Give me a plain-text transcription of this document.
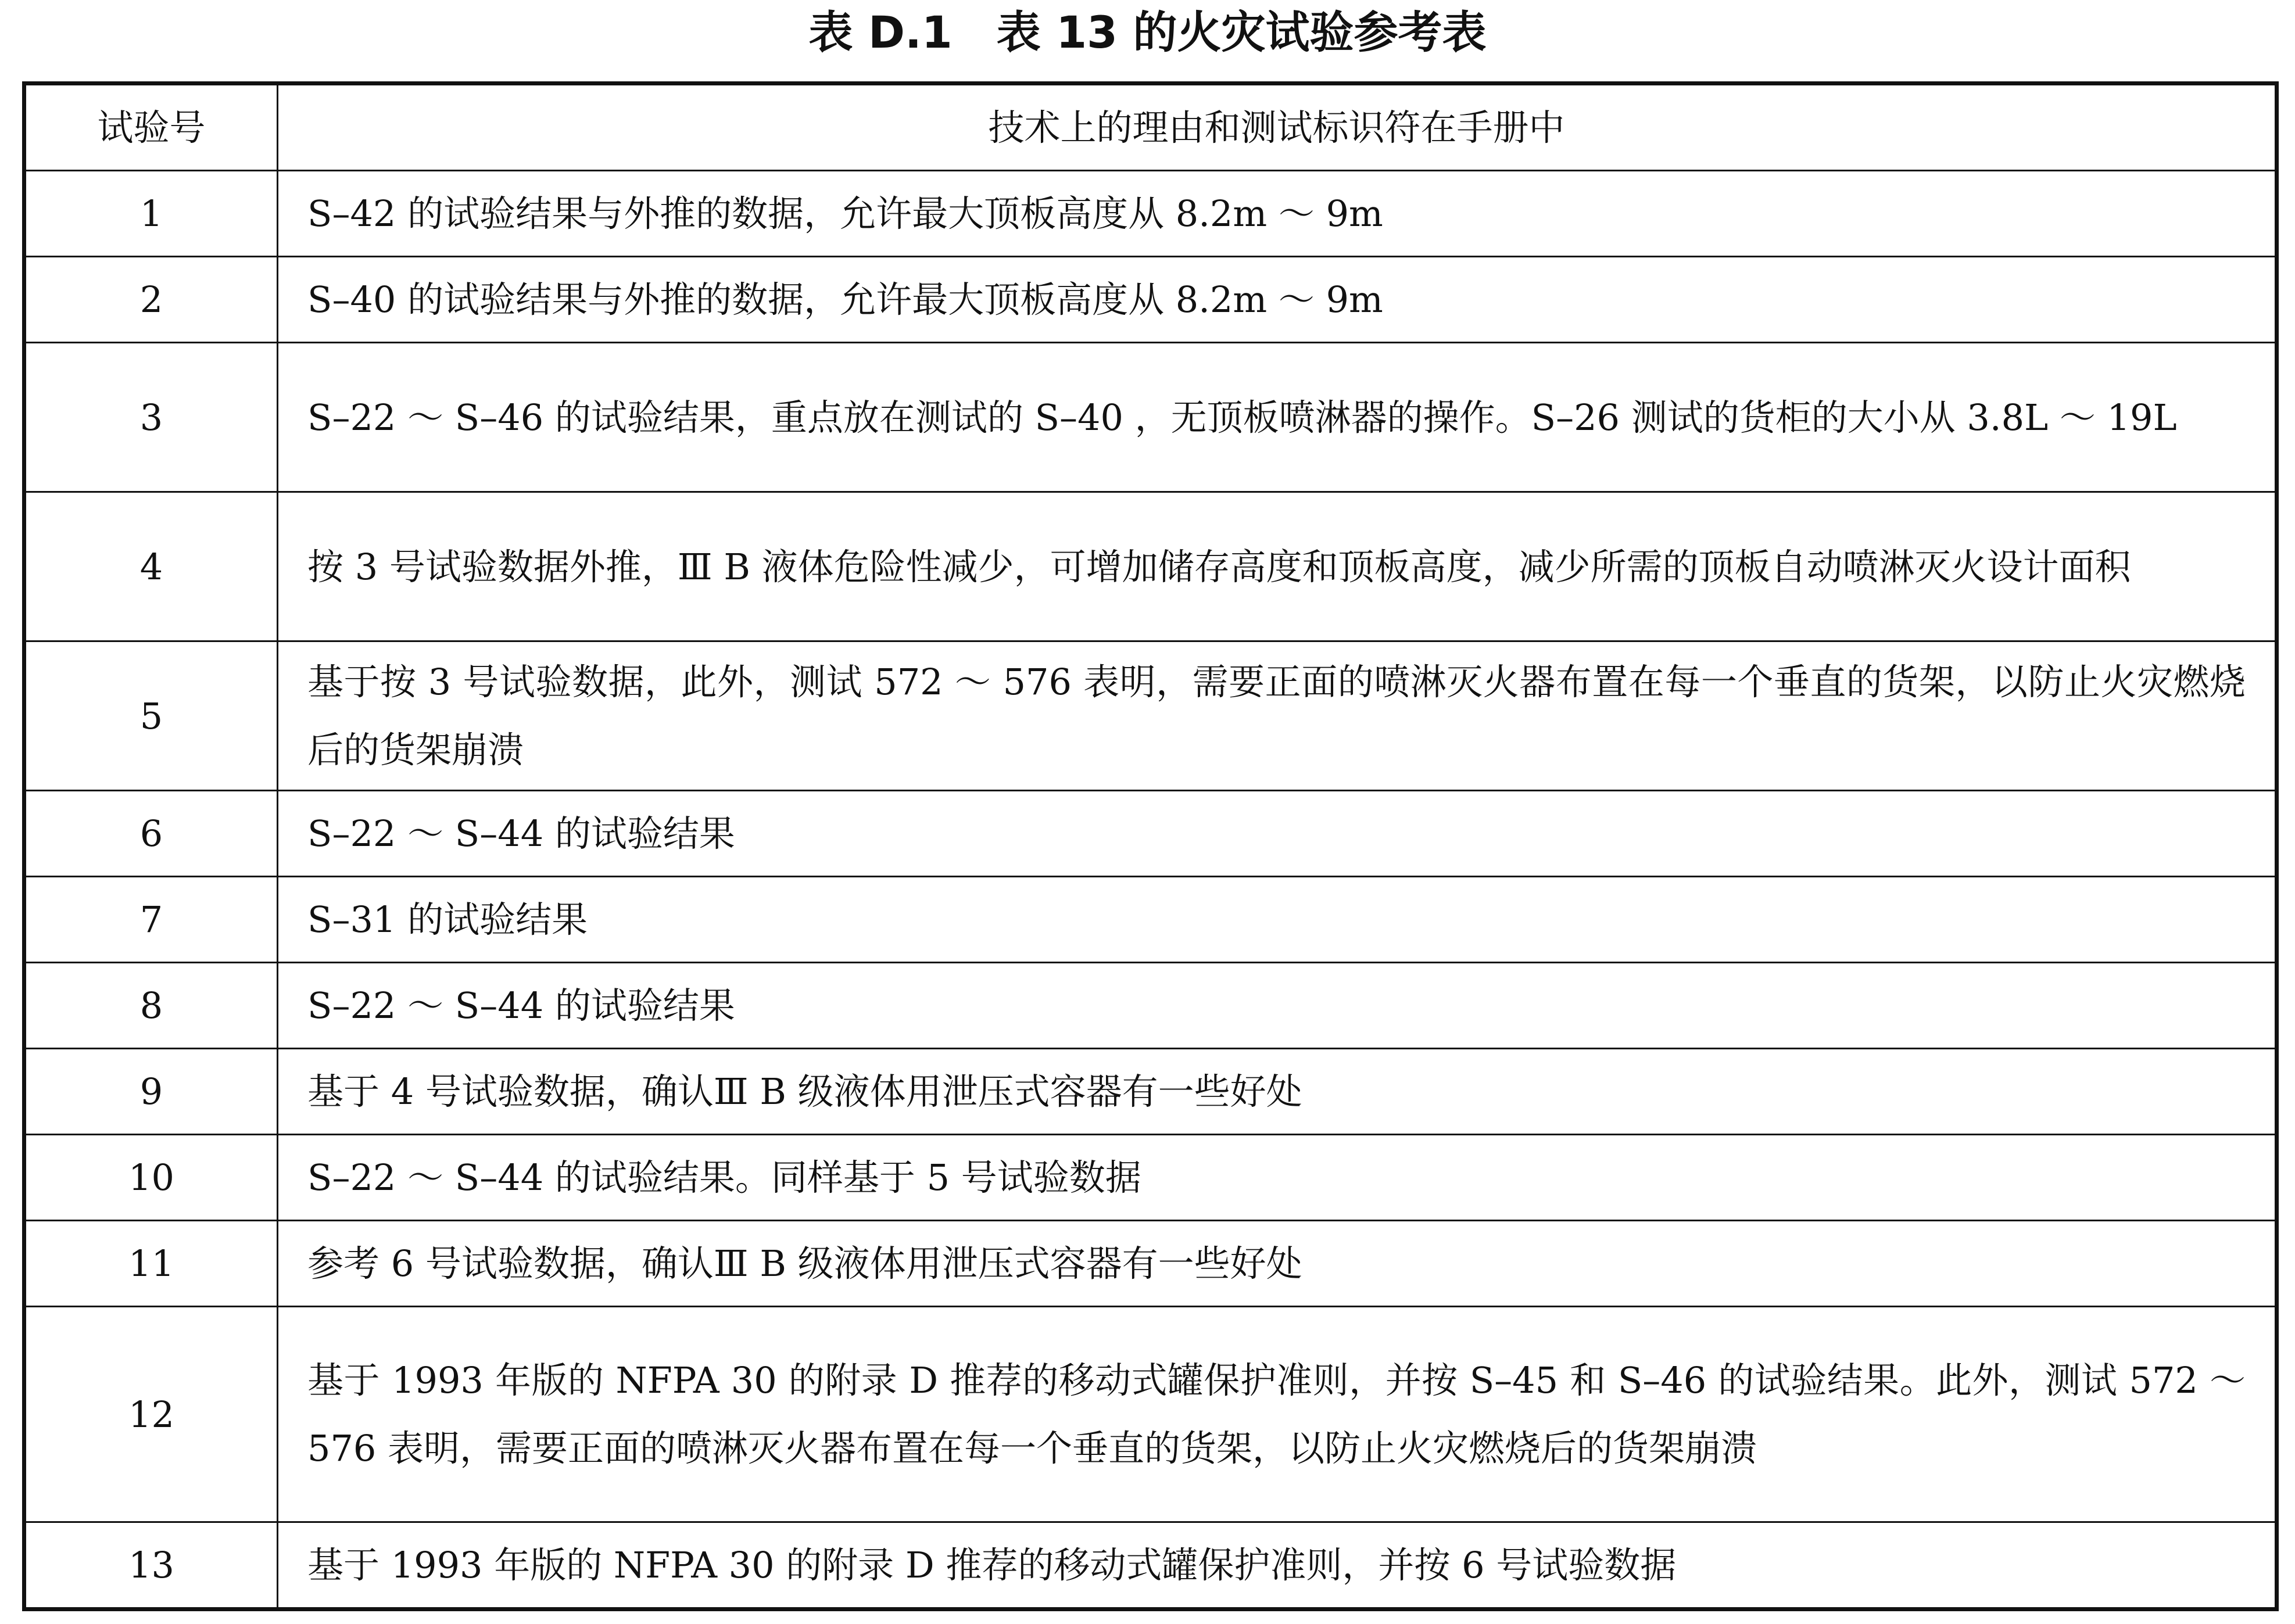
表 D.1　表 13 的火灾试验参考表
试验号	技术上的理由和测试标识符在手册中
1	S–42 的试验结果与外推的数据，允许最大顶板高度从 8.2m ～ 9m
2	S–40 的试验结果与外推的数据，允许最大顶板高度从 8.2m ～ 9m
3	S–22 ～ S–46 的试验结果，重点放在测试的 S–40 ，无顶板喷淋器的操作。S–26 测试的货柜的大小从 3.8L ～ 19L
4	按 3 号试验数据外推，Ⅲ B 液体危险性减少，可增加储存高度和顶板高度，减少所需的顶板自动喷淋灭火设计面积
5	基于按 3 号试验数据，此外，测试 572 ～ 576 表明，需要正面的喷淋灭火器布置在每一个垂直的货架，以防止火灾燃烧后的货架崩溃
6	S–22 ～ S–44 的试验结果
7	S–31 的试验结果
8	S–22 ～ S–44 的试验结果
9	基于 4 号试验数据，确认Ⅲ B 级液体用泄压式容器有一些好处
10	S–22 ～ S–44 的试验结果。同样基于 5 号试验数据
11	参考 6 号试验数据，确认Ⅲ B 级液体用泄压式容器有一些好处
12	基于 1993 年版的 NFPA 30 的附录 D 推荐的移动式罐保护准则，并按 S–45 和 S–46 的试验结果。此外，测试 572 ～ 576 表明，需要正面的喷淋灭火器布置在每一个垂直的货架，以防止火灾燃烧后的货架崩溃
13	基于 1993 年版的 NFPA 30 的附录 D 推荐的移动式罐保护准则，并按 6 号试验数据
